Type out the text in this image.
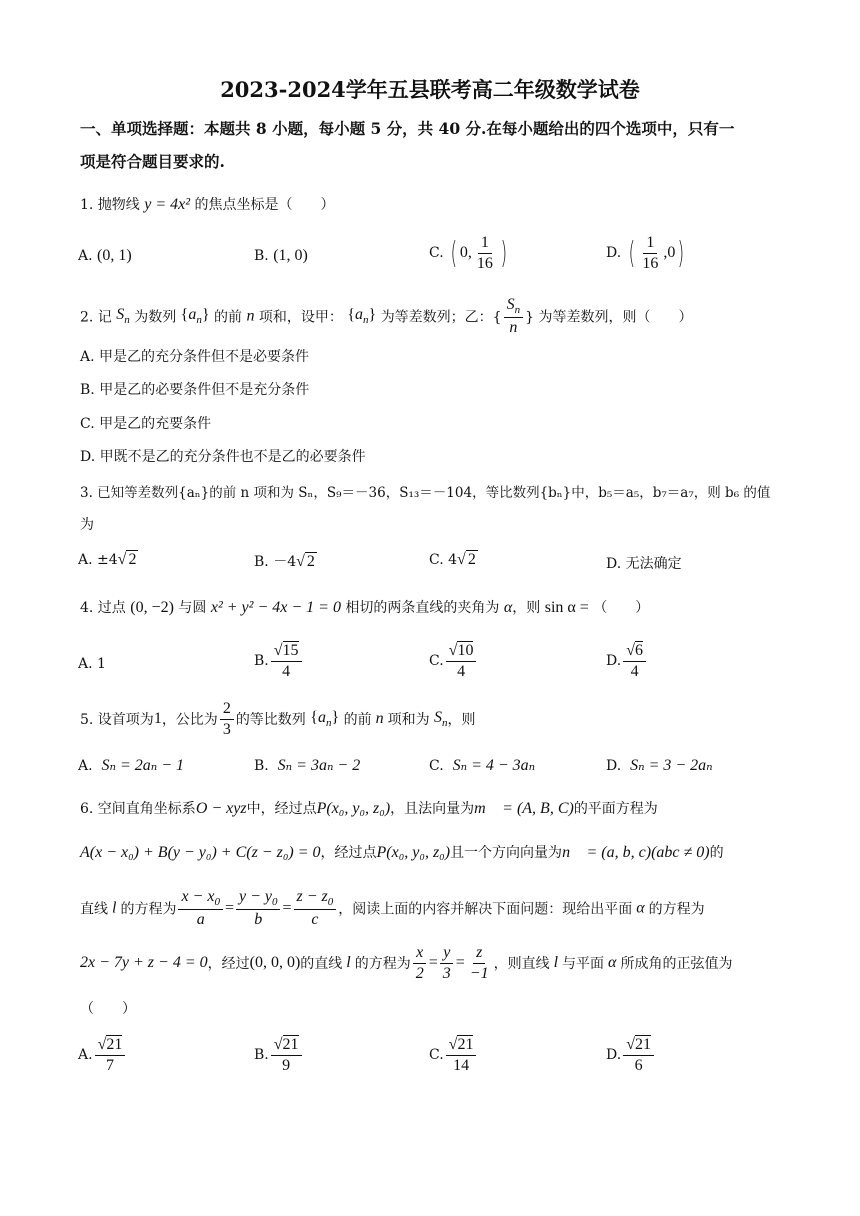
2023-2024学年五县联考高二年级数学试卷
一、单项选择题：本题共 8 小题，每小题 5 分，共 40 分.在每小题给出的四个选项中，只有一
项是符合题目要求的.
1. 抛物线 y = 4x² 的焦点坐标是（　　）
A. (0, 1)	B. (1, 0)	C. ( 0, $\frac{1}{16}$ )	D. ( $\frac{1}{16} ,0$)
2. 记 $S_n$ 为数列 $\{a_n\}$ 的前 n 项和，设甲： $\{a_n\}$ 为等差数列；乙：{ $\frac{S_n}{n}$ } 为等差数列，则（　　）
A. 甲是乙的充分条件但不是必要条件
B. 甲是乙的必要条件但不是充分条件
C. 甲是乙的充要条件
D. 甲既不是乙的充分条件也不是乙的必要条件
3. 已知等差数列{aₙ}的前 n 项和为 Sₙ，S₉＝－36，S₁₃＝－104，等比数列{bₙ}中，b₅＝a₅，b₇＝a₇，则 b₆ 的值
为
A. ±4√ 2	B. －4√ 2	C. 4√ 2	D. 无法确定
4. 过点 (0, −2) 与圆 x² + y² − 4x − 1 = 0 相切的两条直线的夹角为 α，则 sin α = （　　）
A. 1	B. $\frac{√15}{4}$	C. $\frac{√10}{4}$	D. $\frac{√6}{4}$
5. 设首项为1，公比为 $\frac{2}{3}$ 的等比数列 $\{a_n\}$ 的前 n 项和为 $S_n$，则
A. Sₙ = 2aₙ − 1	B. Sₙ = 3aₙ − 2	C. Sₙ = 4 − 3aₙ	D. Sₙ = 3 − 2aₙ
6. 空间直角坐标系O − xyz中，经过点P(x₀, y₀, z₀)，且法向量为m⃗ = (A, B, C)的平面方程为
A(x − x₀) + B(y − y₀) + C(z − z₀) = 0，经过点P(x₀, y₀, z₀)且一个方向向量为n⃗ = (a, b, c)(abc ≠ 0)的
直线 l 的方程为 $\frac{x - x_0}{a} = \frac{y - y_0}{b} = \frac{z - z_0}{c}$ ，阅读上面的内容并解决下面问题：现给出平面 α 的方程为
2x − 7y + z − 4 = 0，经过(0, 0, 0)的直线 l 的方程为 $\frac{x}{2} = \frac{y}{3} = \frac{z}{-1}$ ，则直线 l 与平面 α 所成角的正弦值为
（　　）
A. $\frac{√21}{7}$	B. $\frac{√21}{9}$	C. $\frac{√21}{14}$	D. $\frac{√21}{6}$
